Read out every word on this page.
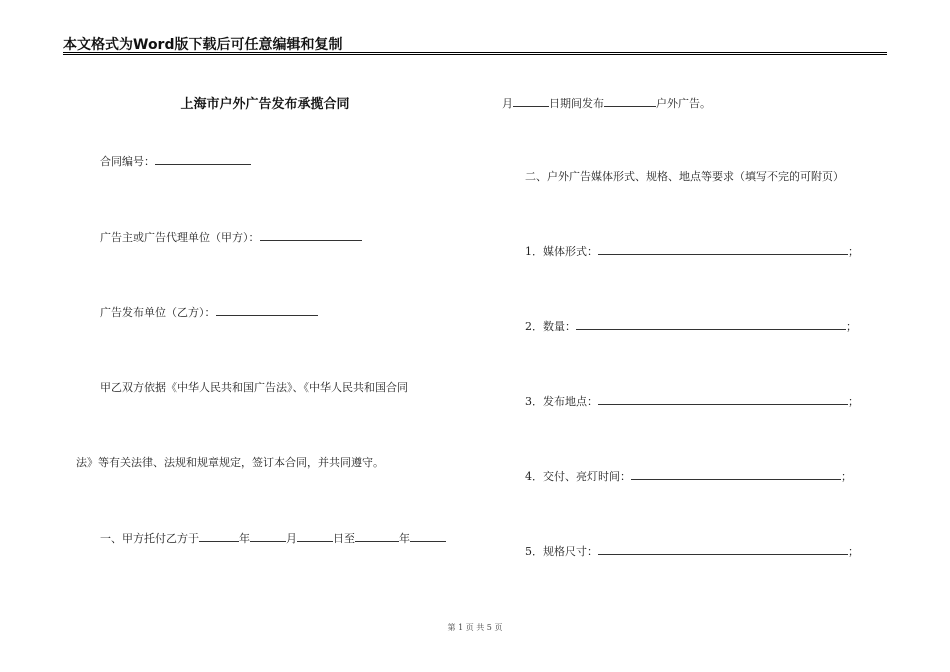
本文格式为Word版下载后可任意编辑和复制
上海市户外广告发布承揽合同
合同编号：
广告主或广告代理单位（甲方）：
广告发布单位（乙方）：
甲乙双方依据《中华人民共和国广告法》、《中华人民共和国合同
法》等有关法律、法规和规章规定，签订本合同，并共同遵守。
一、甲方托付乙方于	年	月	日至	年
月	日期间发布	户外广告。
二、户外广告媒体形式、规格、地点等要求（填写不完的可附页）
1．媒体形式：	；
2．数量：	；
3．发布地点：	；
4．交付、亮灯时间：	；
5．规格尺寸：	；
第 1 页 共 5 页
